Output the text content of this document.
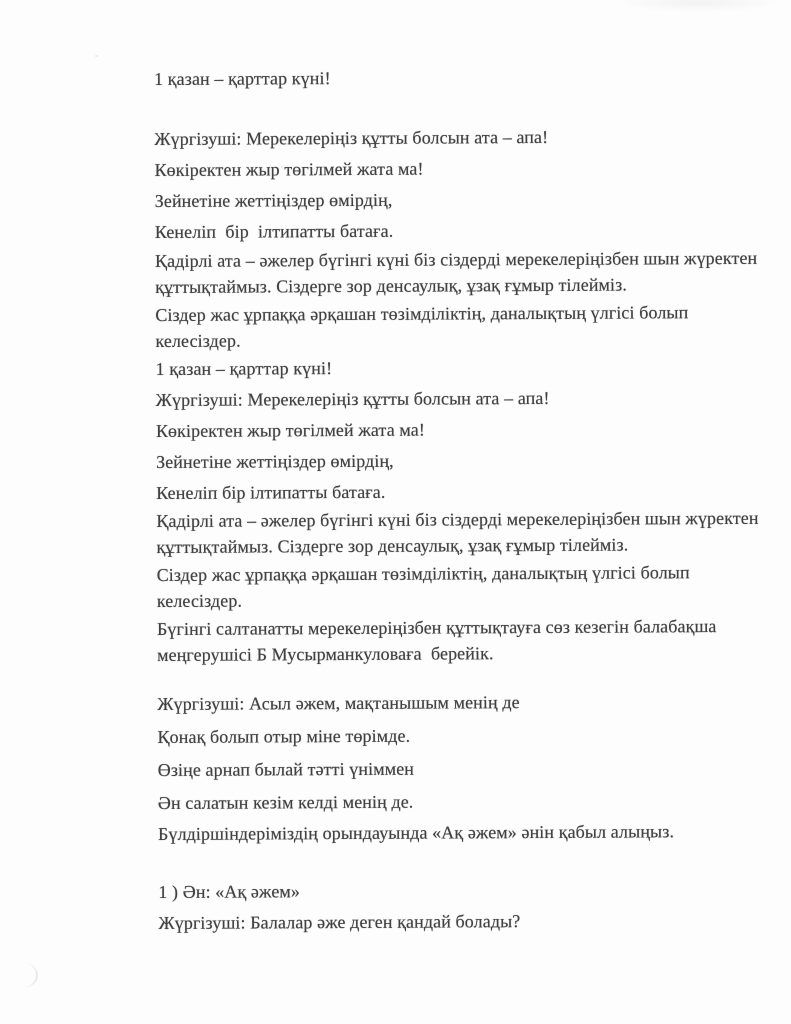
1 қазан – қарттар күні!

Жүргізуші: Мерекелеріңіз құтты болсын ата – апа!

Көкіректен жыр төгілмей жата ма!

Зейнетіне жеттіңіздер өмірдің,

Кенеліп  бір  ілтипатты батаға.

Қадірлі ата – әжелер бүгінгі күні біз сіздерді мерекелеріңізбен шын жүректен

құттықтаймыз. Сіздерге зор денсаулық, ұзақ ғұмыр тілейміз.

Сіздер жас ұрпаққа әрқашан төзімділіктің, даналықтың үлгісі болып

келесіздер.

1 қазан – қарттар күні!

Жүргізуші: Мерекелеріңіз құтты болсын ата – апа!

Көкіректен жыр төгілмей жата ма!

Зейнетіне жеттіңіздер өмірдің,

Кенеліп бір ілтипатты батаға.

Қадірлі ата – әжелер бүгінгі күні біз сіздерді мерекелеріңізбен шын жүректен

құттықтаймыз. Сіздерге зор денсаулық, ұзақ ғұмыр тілейміз.

Сіздер жас ұрпаққа әрқашан төзімділіктің, даналықтың үлгісі болып

келесіздер.

Бүгінгі салтанатты мерекелеріңізбен құттықтауға сөз кезегін балабақша

меңгерушісі Б Мусырманкуловаға  берейік.

Жүргізуші: Асыл әжем, мақтанышым менің де

Қонақ болып отыр міне төрімде.

Өзіңе арнап былай тәтті үніммен

Ән салатын кезім келді менің де.

Бүлдіршіндеріміздің орындауында «Ақ әжем» әнін қабыл алыңыз.

1 ) Ән: «Ақ әжем»

Жүргізуші: Балалар әже деген қандай болады?
